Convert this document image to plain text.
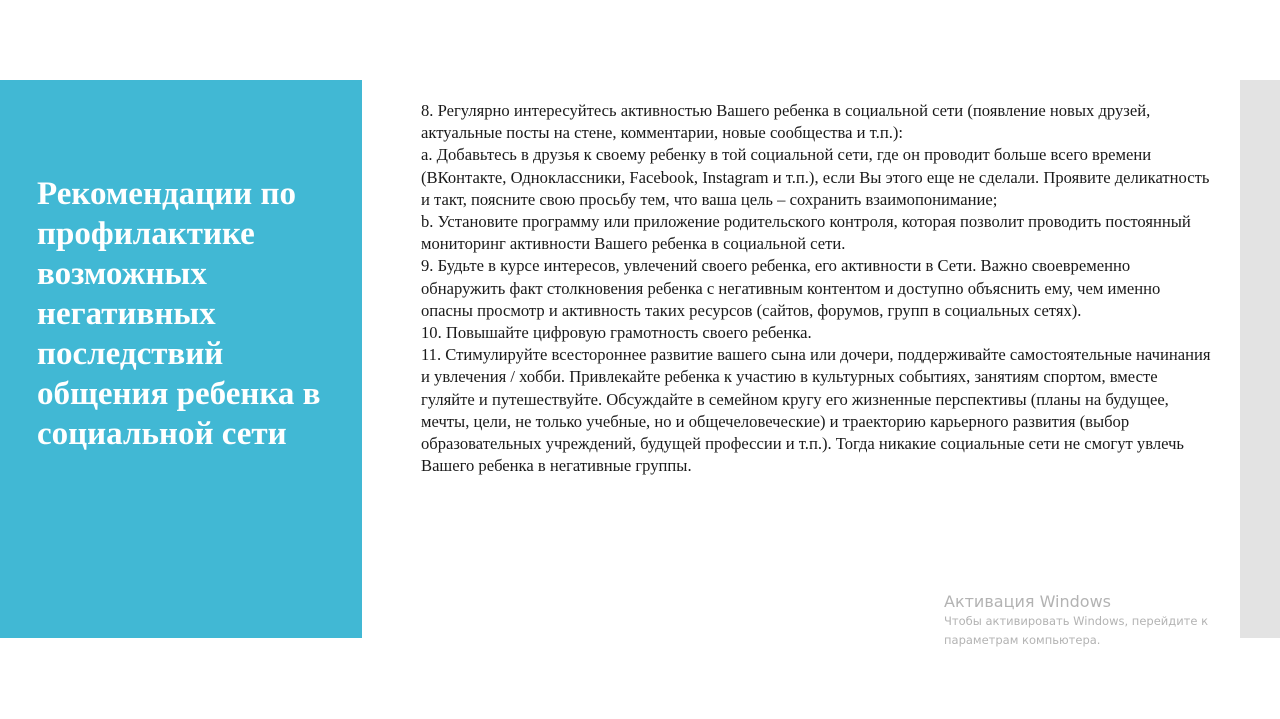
Рекомендации по профилактике возможных негативных последствий общения ребенка в социальной сети

8. Регулярно интересуйтесь активностью Вашего ребенка в социальной сети (появление новых друзей, актуальные посты на стене, комментарии, новые сообщества и т.п.):

a. Добавьтесь в друзья к своему ребенку в той социальной сети, где он проводит больше всего времени (ВКонтакте, Одноклассники, Facebook, Instagram и т.п.), если Вы этого еще не сделали. Проявите деликатность и такт, поясните свою просьбу тем, что ваша цель – сохранить взаимопонимание;

b. Установите программу или приложение родительского контроля, которая позволит проводить постоянный мониторинг активности Вашего ребенка в социальной сети.

9. Будьте в курсе интересов, увлечений своего ребенка, его активности в Сети. Важно своевременно обнаружить факт столкновения ребенка с негативным контентом и доступно объяснить ему, чем именно опасны просмотр и активность таких ресурсов (сайтов, форумов, групп в социальных сетях).

10. Повышайте цифровую грамотность своего ребенка.

11. Стимулируйте всестороннее развитие вашего сына или дочери, поддерживайте самостоятельные начинания и увлечения / хобби. Привлекайте ребенка к участию в культурных событиях, занятиям спортом, вместе гуляйте и путешествуйте. Обсуждайте в семейном кругу его жизненные перспективы (планы на будущее, мечты, цели, не только учебные, но и общечеловеческие) и траекторию карьерного развития (выбор образовательных учреждений, будущей профессии и т.п.). Тогда никакие социальные сети не смогут увлечь Вашего ребенка в негативные группы.

Активация Windows
Чтобы активировать Windows, перейдите к
параметрам компьютера.
